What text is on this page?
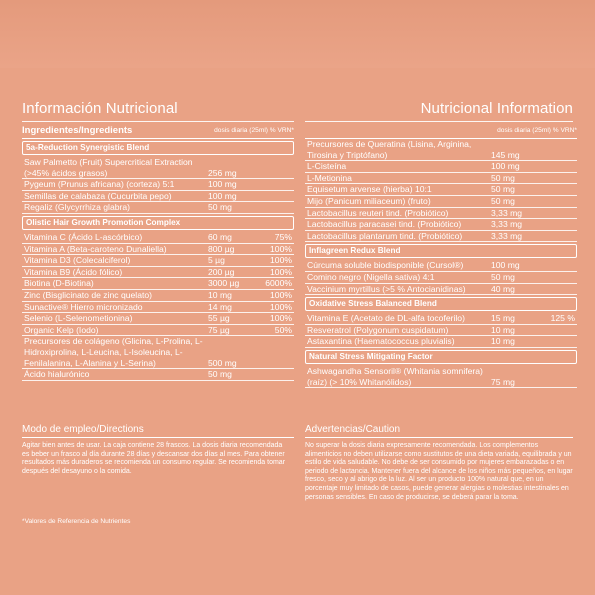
Información Nutricional	Nutricional Information
Ingredientes/Ingredients	dosis diaria (25ml) % VRN*
5a-Reduction Synergistic Blend
Saw Palmetto (Fruit) Supercritical Extraction (>45% ácidos grasos)	256 mg
Pygeum (Prunus africana) (corteza) 5:1	100 mg
Semillas de calabaza (Cucurbita pepo)	100 mg
Regaliz (Glycyrrhiza glabra)	50 mg
Olistic Hair Growth Promotion Complex
Vitamina C (Ácido L-ascórbico)	60 mg	75%
Vitamina A (Beta-caroteno Dunaliella)	800 µg	100%
Vitamina D3 (Colecalciferol)	5 µg	100%
Vitamina B9 (Ácido fólico)	200 µg	100%
Biotina (D-Biotina)	3000 µg	6000%
Zinc (Bisglicinato de zinc quelato)	10 mg	100%
Sunactive® Hierro micronizado	14 mg	100%
Selenio (L-Selenometionina)	55 µg	100%
Organic Kelp (Iodo)	75 µg	50%
Precursores de colágeno (Glicina, L-Prolina, L-Hidroxiprolina, L-Leucina, L-Isoleucina, L-Fenilalanina, L-Alanina y L-Serina)	500 mg
Ácido hialurónico	50 mg
dosis diaria (25ml) % VRN*
Precursores de Queratina (Lisina, Arginina, Tirosina y Triptófano)	145 mg
L-Cisteína	100 mg
L-Metionina	50 mg
Equisetum arvense (hierba) 10:1	50 mg
Mijo (Panicum miliaceum) (fruto)	50 mg
Lactobacillus reuteri tind. (Probiótico)	3,33 mg
Lactobacillus paracasei tind. (Probiótico)	3,33 mg
Lactobacillus plantarum tind. (Probiótico)	3,33 mg
Inflagreen Redux Blend
Cúrcuma soluble biodisponible (Cursol®)	100 mg
Comino negro (Nigella sativa) 4:1	50 mg
Vaccinium myrtillus (>5 % Antocianidinas)	40 mg
Oxidative Stress Balanced Blend
Vitamina E (Acetato de DL-alfa tocoferilo)	15 mg	125 %
Resveratrol (Polygonum cuspidatum)	10 mg
Astaxantina (Haematococcus pluvialis)	10 mg
Natural Stress Mitigating Factor
Ashwagandha Sensoril® (Whitania somnifera) (raíz) (> 10% Whitanólidos)	75 mg
Modo de empleo/Directions
Agitar bien antes de usar. La caja contiene 28 frascos. La dosis diaria recomendada es beber un frasco al día durante 28 días y descansar dos días al mes. Para obtener resultados más duraderos se recomienda un consumo regular. Se recomienda tomar después del desayuno o la comida.
Advertencias/Caution
No superar la dosis diaria expresamente recomendada. Los complementos alimenticios no deben utilizarse como sustitutos de una dieta variada, equilibrada y un estilo de vida saludable. No debe de ser consumido por mujeres embarazadas o en periodo de lactancia. Mantener fuera del alcance de los niños más pequeños, en lugar fresco, seco y al abrigo de la luz. Al ser un producto 100% natural que, en un porcentaje muy limitado de casos, puede generar alergias o molestias intestinales en personas sensibles. En caso de producirse, se deberá parar la toma.
*Valores de Referencia de Nutrientes
